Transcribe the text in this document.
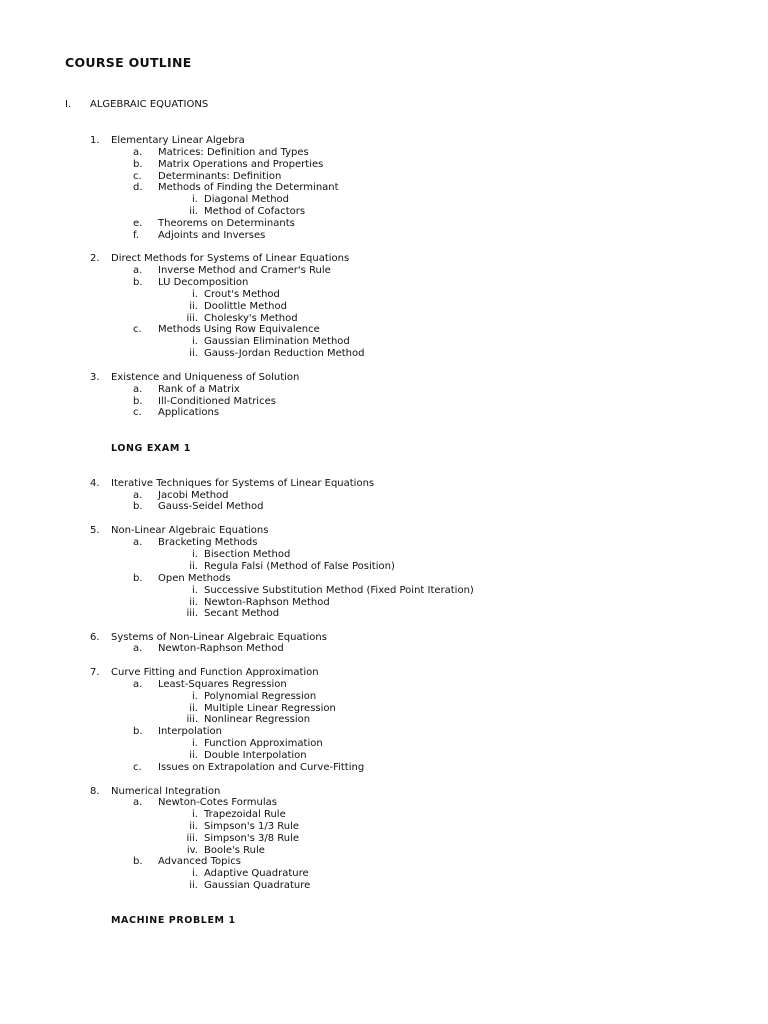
COURSE OUTLINE
I. ALGEBRAIC EQUATIONS
1. Elementary Linear Algebra
a. Matrices: Definition and Types
b. Matrix Operations and Properties
c. Determinants: Definition
d. Methods of Finding the Determinant
i. Diagonal Method
ii. Method of Cofactors
e. Theorems on Determinants
f. Adjoints and Inverses
2. Direct Methods for Systems of Linear Equations
a. Inverse Method and Cramer's Rule
b. LU Decomposition
i. Crout's Method
ii. Doolittle Method
iii. Cholesky's Method
c. Methods Using Row Equivalence
i. Gaussian Elimination Method
ii. Gauss-Jordan Reduction Method
3. Existence and Uniqueness of Solution
a. Rank of a Matrix
b. Ill-Conditioned Matrices
c. Applications
LONG EXAM 1
4. Iterative Techniques for Systems of Linear Equations
a. Jacobi Method
b. Gauss-Seidel Method
5. Non-Linear Algebraic Equations
a. Bracketing Methods
i. Bisection Method
ii. Regula Falsi (Method of False Position)
b. Open Methods
i. Successive Substitution Method (Fixed Point Iteration)
ii. Newton-Raphson Method
iii. Secant Method
6. Systems of Non-Linear Algebraic Equations
a. Newton-Raphson Method
7. Curve Fitting and Function Approximation
a. Least-Squares Regression
i. Polynomial Regression
ii. Multiple Linear Regression
iii. Nonlinear Regression
b. Interpolation
i. Function Approximation
ii. Double Interpolation
c. Issues on Extrapolation and Curve-Fitting
8. Numerical Integration
a. Newton-Cotes Formulas
i. Trapezoidal Rule
ii. Simpson's 1/3 Rule
iii. Simpson's 3/8 Rule
iv. Boole's Rule
b. Advanced Topics
i. Adaptive Quadrature
ii. Gaussian Quadrature
MACHINE PROBLEM 1
